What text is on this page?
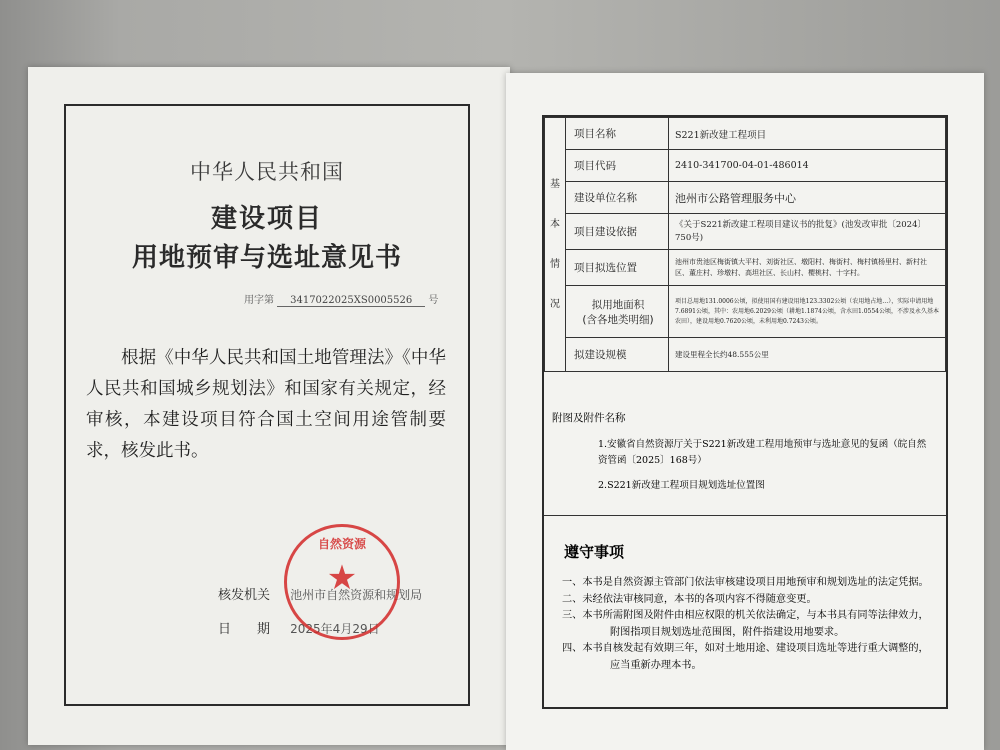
中华人民共和国
建设项目
用地预审与选址意见书
用字第 3417022025XS0005526 号

根据《中华人民共和国土地管理法》《中华人民共和国城乡规划法》和国家有关规定，经审核，本建设项目符合国土空间用途管制要求，核发此书。

核发机关 池州市自然资源和规划局
日　　期 2025年4月29日
自然资源
★
基
本
情
况	项目名称	S221新改建工程项目
	项目代码	2410-341700-04-01-486014
	建设单位名称	池州市公路管理服务中心
	项目建设依据	《关于S221新改建工程项目建议书的批复》(池发改审批〔2024〕750号)
	项目拟选位置	池州市贵池区梅街镇大平村、刘街社区、墩阳村、梅街村、梅村镇杨里村、新村社区、董庄村、珍墩村、高坦社区、长山村、樱桃村、十字村。
	拟用地面积
(含各地类明细)	项目总用地131.0006公顷，拟使用国有建设用地123.3302公顷（农用地占地…），实际申请用地7.6891公顷，其中：农用地6.2029公顷（耕地1.1874公顷，含水田1.0554公顷，不涉及永久基本农田），建设用地0.7620公顷，未利用地0.7243公顷。
	拟建设规模	建设里程全长约48.555公里
附图及附件名称
1.安徽省自然资源厅关于S221新改建工程用地预审与选址意见的复函（皖自然资管函〔2025〕168号）
2.S221新改建工程项目规划选址位置图
遵守事项
一、本书是自然资源主管部门依法审核建设项目用地预审和规划选址的法定凭据。
二、未经依法审核同意，本书的各项内容不得随意变更。
三、本书所需附图及附件由相应权限的机关依法确定，与本书具有同等法律效力，附图指项目规划选址范围图，附件指建设用地要求。
四、本书自核发起有效期三年，如对土地用途、建设项目选址等进行重大调整的，应当重新办理本书。
